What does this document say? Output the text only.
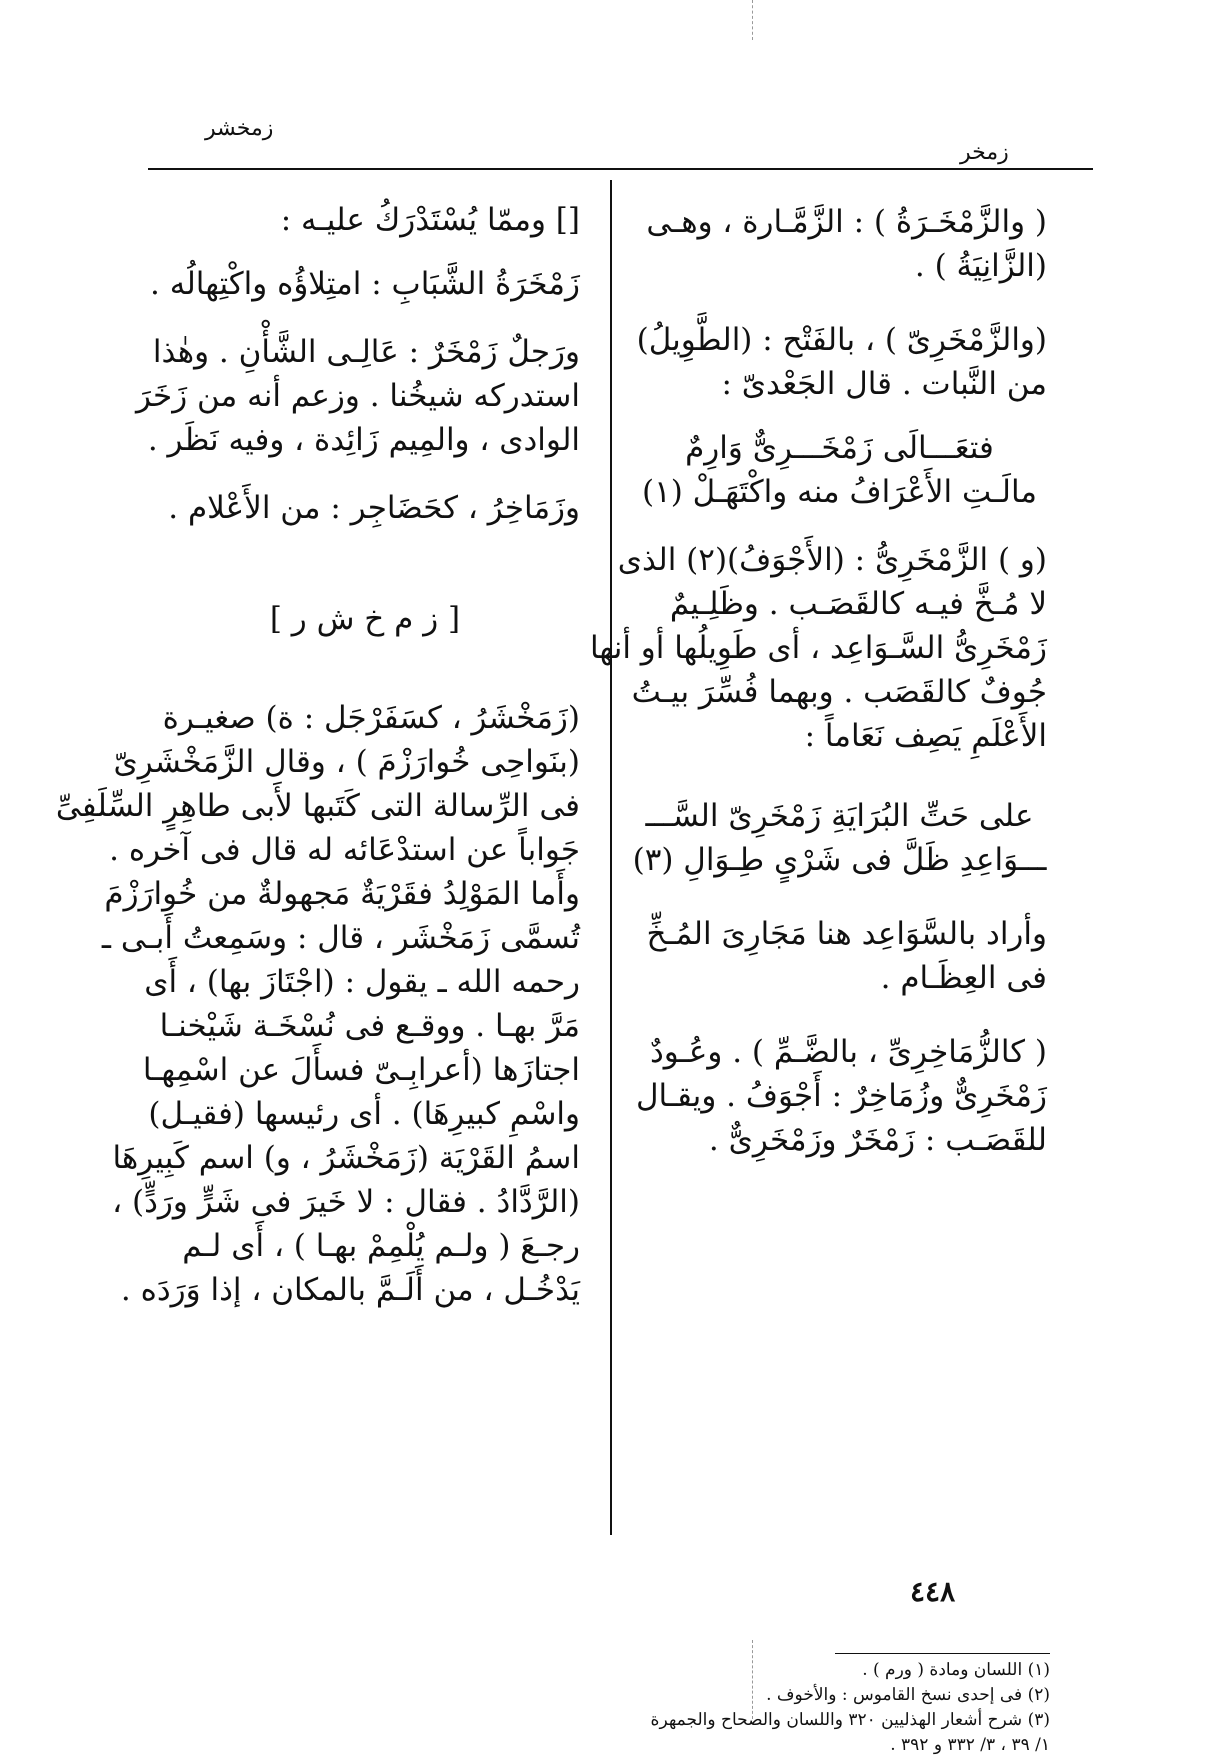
زمخشر
زمخر

( والزَّمْخَـرَةُ ) : الزَّمَّـارة ، وهـى

(الزَّانِيَةُ ) .

(والزَّمْخَرِىّ ) ، بالفَتْح : (الطَّوِيلُ)

من النَّبات . قال الجَعْدىّ :

فتعَـــالَى زَمْخَـــرِىٌّ وَارِمٌ

مالَـتِ الأَعْرَافُ منه واكْتَهَـلْ (١)

(و ) الزَّمْخَرِىُّ : (الأَجْوَفُ)(٢) الذى

لا مُـخَّ فيـه كالقَصَـب . وظَلِـيمٌ

زَمْخَرِىُّ السَّـوَاعِد ، أى طَوِيلُها أو أنها

جُوفٌ كالقَصَب . وبهما فُسِّرَ بيـتُ

الأَعْلَمِ يَصِف نَعَاماً :

على حَتِّ البُرَايَةِ زَمْخَرِىّ السَّـــ

ـــوَاعِدِ ظَلَّ فى شَرْىٍ طِـوَالِ (٣)

وأراد بالسَّوَاعِد هنا مَجَارِىَ المُـخِّ

فى العِظَـام .

( كالزُّمَاخِرِىِّ ، بالضَّـمِّ ) . وعُـودٌ

زَمْخَرِىٌّ وزُمَاخِرٌ : أَجْوَفُ . ويقـال

للقَصَـب : زَمْخَرٌ وزَمْخَرِىٌّ .

[] وممّا يُسْتَدْرَكُ عليـه :

زَمْخَرَةُ الشَّبَابِ : امتِلاؤُه واكْتِهالُه .

ورَجلٌ زَمْخَرٌ : عَالِـى الشَّأْنِ . وهٰذا

استدركه شيخُنا . وزعم أنه من زَخَرَ

الوادى ، والمِيم زَائِدة ، وفيه نَظَر .

وزَمَاخِرُ ، كحَضَاجِر : من الأَعْلام .

[ ز م خ ش ر ]

(زَمَخْشَرُ ، كسَفَرْجَل : ة) صغيـرة

(بنَواحِى خُوارَزْمَ ) ، وقال الزَّمَخْشَرِىّ

فى الرِّسالة التى كَتَبها لأَبى طاهِرٍ السِّلَفِىِّ

جَواباً عن استدْعَائه له قال فى آخره .

وأَما المَوْلِدُ فقَرْيَةٌ مَجهولةٌ من خُوارَزْمَ

تُسمَّى زَمَخْشَر ، قال : وسَمِعتُ أَبـى ـ

رحمه الله ـ يقول : (اجْتَازَ بها) ، أَى

مَرَّ بهـا . ووقـع فى نُسْخَـة شَيْخنـا

اجتازَها (أعرابِـىّ فسأَلَ عن اسْمِهـا

واسْمِ كبيرِهَا) . أى رئيسها (فقيـل)

اسمُ القَرْيَة (زَمَخْشَرُ ، و) اسم كَبِيرِهَا

(الرَّدَّادُ . فقال : لا خَيرَ فى شَرٍّ ورَدٍّ) ،

رجـعَ ( ولـم يُلْمِمْ بهـا ) ، أَى لـم

يَدْخُـل ، من أَلَـمَّ بالمكان ، إذا وَرَدَه .

(١) اللسان ومادة ( ورم ) .

(٢) فى إحدى نسخ القاموس : والأخوف .

(٣) شرح أشعار الهذليين ٣٢٠ واللسان والصحاح والجمهرة

١/ ٣٩ ، ٣/ ٣٣٢ و ٣٩٢ .

٤٤٨
